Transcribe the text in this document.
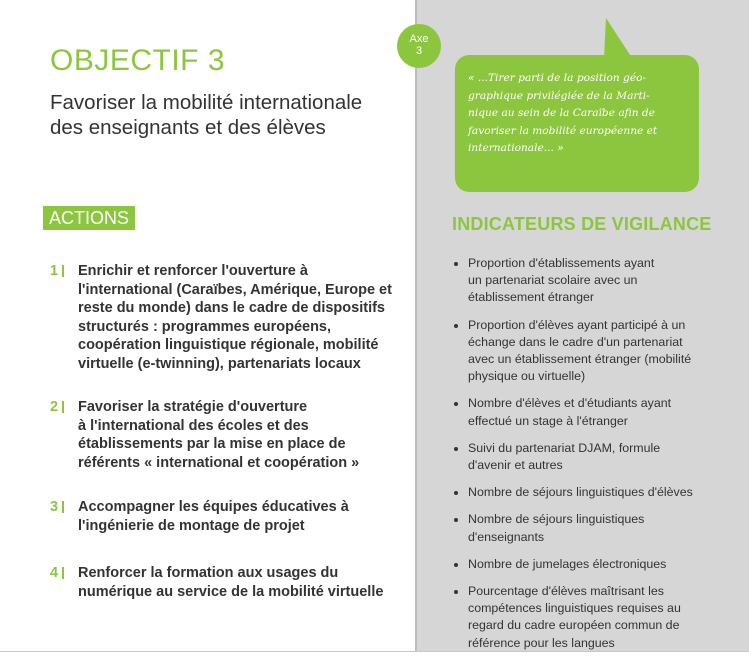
OBJECTIF 3
Favoriser la mobilité internationale
des enseignants et des élèves
ACTIONS
1 Enrichir et renforcer l'ouverture à
l'international (Caraïbes, Amérique, Europe et
reste du monde) dans le cadre de dispositifs
structurés : programmes européens,
coopération linguistique régionale, mobilité
virtuelle (e-twinning), partenariats locaux
2 Favoriser la stratégie d'ouverture
à l'international des écoles et des
établissements par la mise en place de
référents « international et coopération »
3 Accompagner les équipes éducatives à
l'ingénierie de montage de projet
4 Renforcer la formation aux usages du
numérique au service de la mobilité virtuelle
Axe
3
« ...Tirer parti de la position géo-
graphique privilégiée de la Marti-
nique au sein de la Caraïbe afin de
favoriser la mobilité européenne et
internationale... »
INDICATEURS DE VIGILANCE
Proportion d'établissements ayant
un partenariat scolaire avec un
établissement étranger
Proportion d'élèves ayant participé à un
échange dans le cadre d'un partenariat
avec un établissement étranger (mobilité
physique ou virtuelle)
Nombre d'élèves et d'étudiants ayant
effectué un stage à l'étranger
Suivi du partenariat DJAM, formule
d'avenir et autres
Nombre de séjours linguistiques d'élèves
Nombre de séjours linguistiques
d'enseignants
Nombre de jumelages électroniques
Pourcentage d'élèves maîtrisant les
compétences linguistiques requises au
regard du cadre européen commun de
référence pour les langues
